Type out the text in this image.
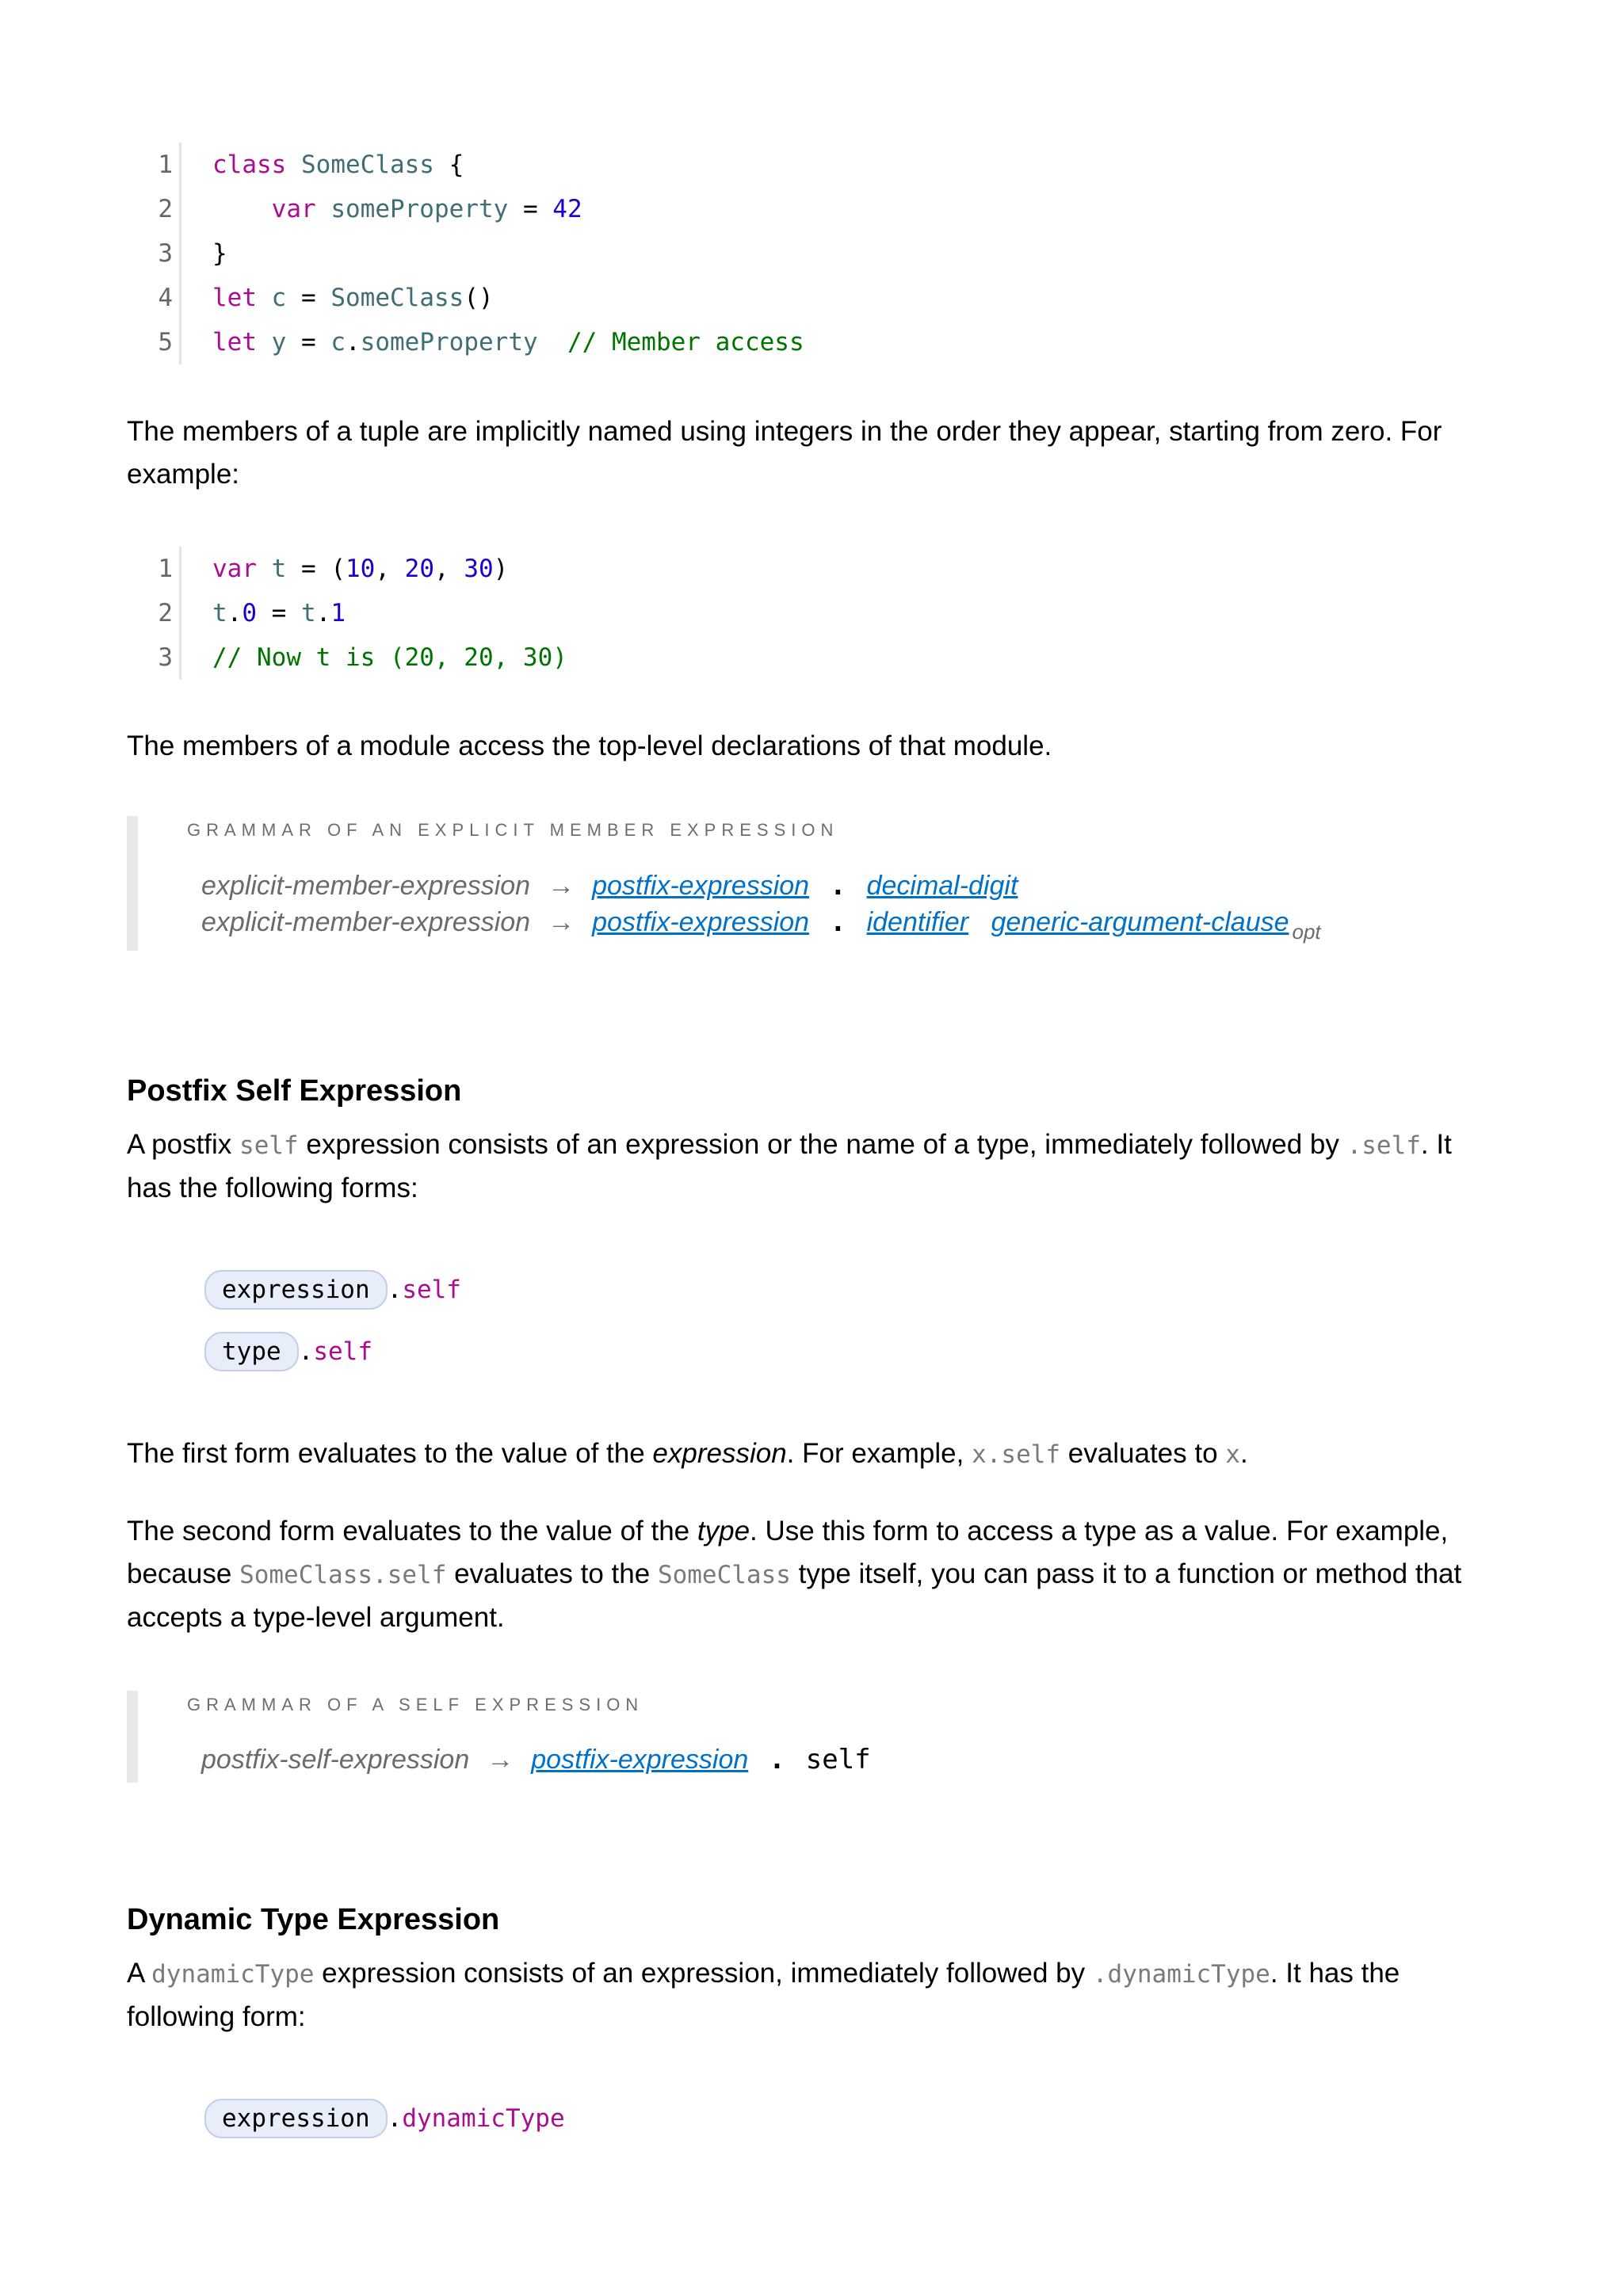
1 class SomeClass {
2	var someProperty = 42
3 }
4 let c = SomeClass()
5 let y = c.someProperty // Member access
The members of a tuple are implicitly named using integers in the order they appear, starting from zero. For example:
1 var t = (10, 20, 30)
2 t.0 = t.1
3 // Now t is (20, 20, 30)
The members of a module access the top-level declarations of that module.
GRAMMAR OF AN EXPLICIT MEMBER EXPRESSION
explicit-member-expression → postfix-expression . decimal-digit
explicit-member-expression → postfix-expression . identifier generic-argument-clause $_{opt}$
Postfix Self Expression
A postfix self expression consists of an expression or the name of a type, immediately followed by .self. It has the following forms:
expression .self
type .self
The first form evaluates to the value of the expression. For example, x.self evaluates to x.
The second form evaluates to the value of the type. Use this form to access a type as a value. For example, because SomeClass.self evaluates to the SomeClass type itself, you can pass it to a function or method that accepts a type-level argument.
GRAMMAR OF A SELF EXPRESSION
postfix-self-expression → postfix-expression . self
Dynamic Type Expression
A dynamicType expression consists of an expression, immediately followed by .dynamicType. It has the following form:
expression .dynamicType
